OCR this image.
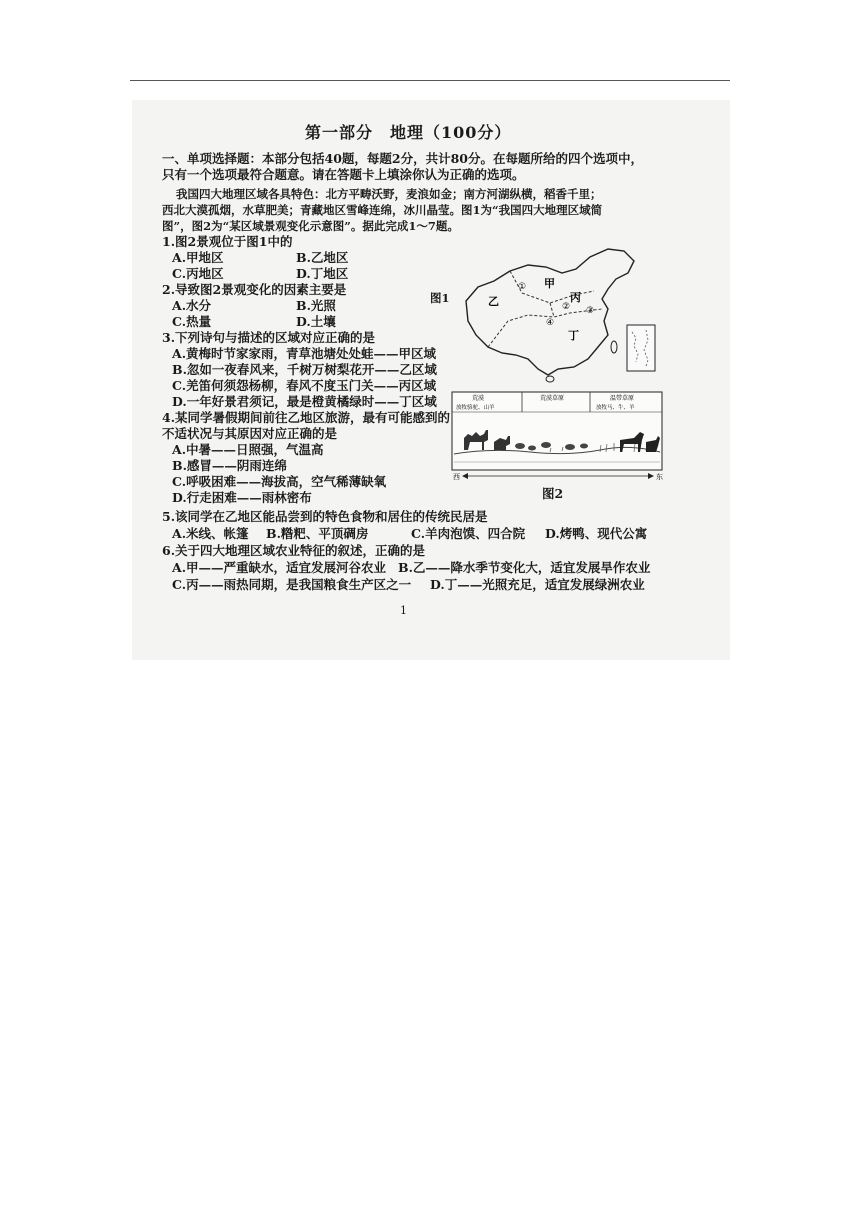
第一部分　地理（100分）
一、单项选择题：本部分包括40题，每题2分，共计80分。在每题所给的四个选项中，
只有一个选项最符合题意。请在答题卡上填涂你认为正确的选项。
我国四大地理区域各具特色：北方平畴沃野，麦浪如金；南方河湖纵横，稻香千里；
西北大漠孤烟，水草肥美；青藏地区雪峰连绵，冰川晶莹。图1为“我国四大地理区域简
图”，图2为“某区域景观变化示意图”。据此完成1～7题。
1.图2景观位于图1中的
A.甲地区	B.乙地区
C.丙地区	D.丁地区
2.导致图2景观变化的因素主要是
A.水分	B.光照
C.热量	D.土壤
3.下列诗句与描述的区域对应正确的是
A.黄梅时节家家雨，青草池塘处处蛙——甲区域
B.忽如一夜春风来，千树万树梨花开——乙区域
C.羌笛何须怨杨柳，春风不度玉门关——丙区域
D.一年好景君须记，最是橙黄橘绿时——丁区域
4.某同学暑假期间前往乙地区旅游，最有可能感到的
不适状况与其原因对应正确的是
A.中暑——日照强，气温高
B.感冒——阴雨连绵
C.呼吸困难——海拔高，空气稀薄缺氧
D.行走困难——雨林密布
5.该同学在乙地区能品尝到的特色食物和居住的传统民居是
A.米线、帐篷 B.糌粑、平顶碉房	C.羊肉泡馍、四合院 D.烤鸭、现代公寓
6.关于四大地理区域农业特征的叙述，正确的是
A.甲——严重缺水，适宜发展河谷农业 B.乙——降水季节变化大，适宜发展旱作农业
C.丙——雨热同期，是我国粮食生产区之一 D.丁——光照充足，适宜发展绿洲农业
图1
甲
乙	丙
丁
①
② ③
④
荒漠
放牧骆驼、山羊
荒漠草原	温带草原
放牧马、牛、羊
西	东
图2
1
